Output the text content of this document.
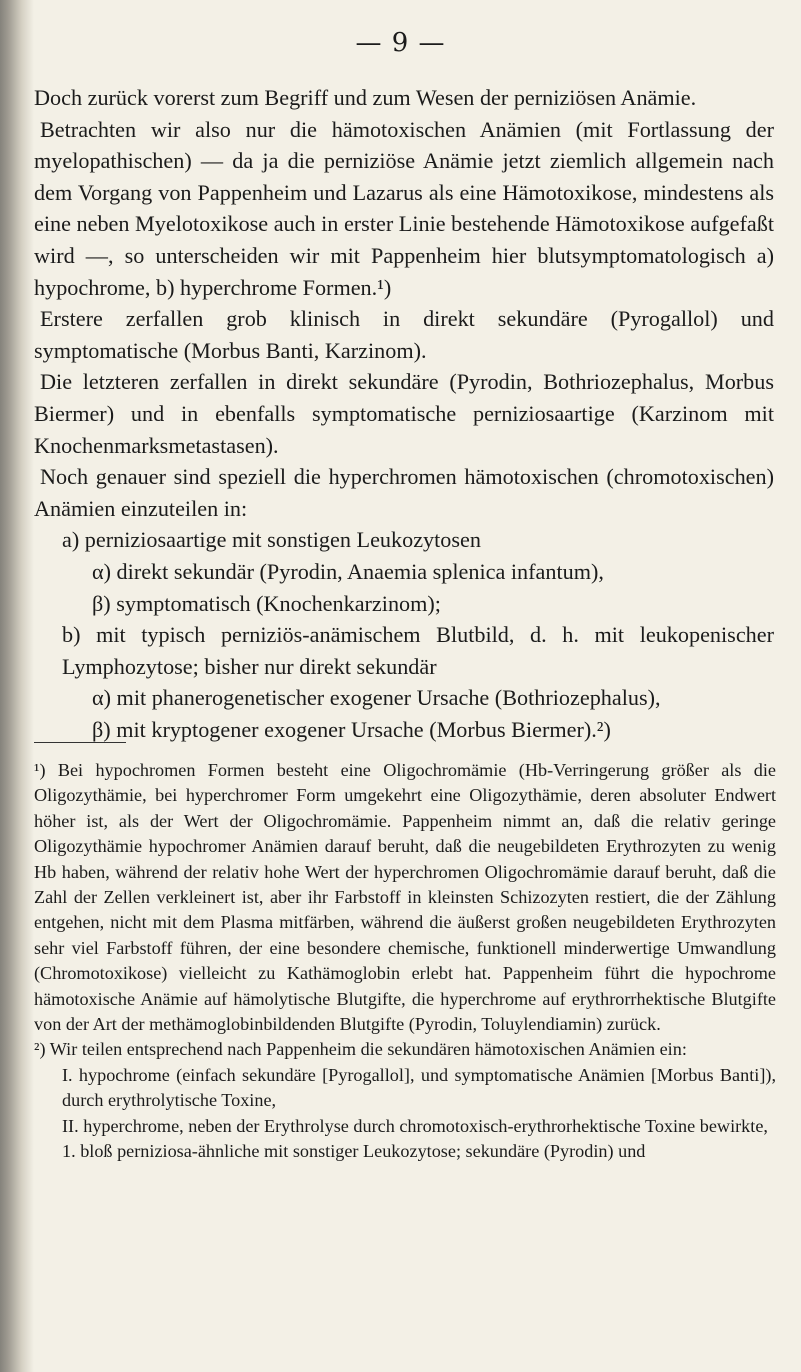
— 9 —

Doch zurück vorerst zum Begriff und zum Wesen der perniziösen Anämie.

Betrachten wir also nur die hämotoxischen Anämien (mit Fortlassung der myelopathischen) — da ja die perniziöse Anämie jetzt ziemlich allgemein nach dem Vorgang von Pappenheim und Lazarus als eine Hämotoxikose, mindestens als eine neben Myelotoxikose auch in erster Linie bestehende Hämotoxikose aufgefaßt wird —, so unterscheiden wir mit Pappenheim hier blutsymptomatologisch a) hypochrome, b) hyperchrome Formen.¹)

Erstere zerfallen grob klinisch in direkt sekundäre (Pyrogallol) und symptomatische (Morbus Banti, Karzinom).

Die letzteren zerfallen in direkt sekundäre (Pyrodin, Bothriozephalus, Morbus Biermer) und in ebenfalls symptomatische perniziosaartige (Karzinom mit Knochenmarksmetastasen).

Noch genauer sind speziell die hyperchromen hämotoxischen (chromotoxischen) Anämien einzuteilen in:

a) perniziosaartige mit sonstigen Leukozytosen

α) direkt sekundär (Pyrodin, Anaemia splenica infantum),

β) symptomatisch (Knochenkarzinom);

b) mit typisch perniziös-anämischem Blutbild, d. h. mit leukopenischer Lymphozytose; bisher nur direkt sekundär

α) mit phanerogenetischer exogener Ursache (Bothriozephalus),

β) mit kryptogener exogener Ursache (Morbus Biermer).²)

¹) Bei hypochromen Formen besteht eine Oligochromämie (Hb-Verringerung größer als die Oligozythämie, bei hyperchromer Form umgekehrt eine Oligozythämie, deren absoluter Endwert höher ist, als der Wert der Oligochromämie. Pappenheim nimmt an, daß die relativ geringe Oligozythämie hypochromer Anämien darauf beruht, daß die neugebildeten Erythrozyten zu wenig Hb haben, während der relativ hohe Wert der hyperchromen Oligochromämie darauf beruht, daß die Zahl der Zellen verkleinert ist, aber ihr Farbstoff in kleinsten Schizozyten restiert, die der Zählung entgehen, nicht mit dem Plasma mitfärben, während die äußerst großen neugebildeten Erythrozyten sehr viel Farbstoff führen, der eine besondere chemische, funktionell minderwertige Umwandlung (Chromotoxikose) vielleicht zu Kathämoglobin erlebt hat. Pappenheim führt die hypochrome hämotoxische Anämie auf hämolytische Blutgifte, die hyperchrome auf erythrorrhektische Blutgifte von der Art der methämoglobinbildenden Blutgifte (Pyrodin, Toluylendiamin) zurück.

²) Wir teilen entsprechend nach Pappenheim die sekundären hämotoxischen Anämien ein:

I. hypochrome (einfach sekundäre [Pyrogallol], und symptomatische Anämien [Morbus Banti]), durch erythrolytische Toxine,

II. hyperchrome, neben der Erythrolyse durch chromotoxisch-erythrorhektische Toxine bewirkte,

1. bloß perniziosa-ähnliche mit sonstiger Leukozytose; sekundäre (Pyrodin) und
